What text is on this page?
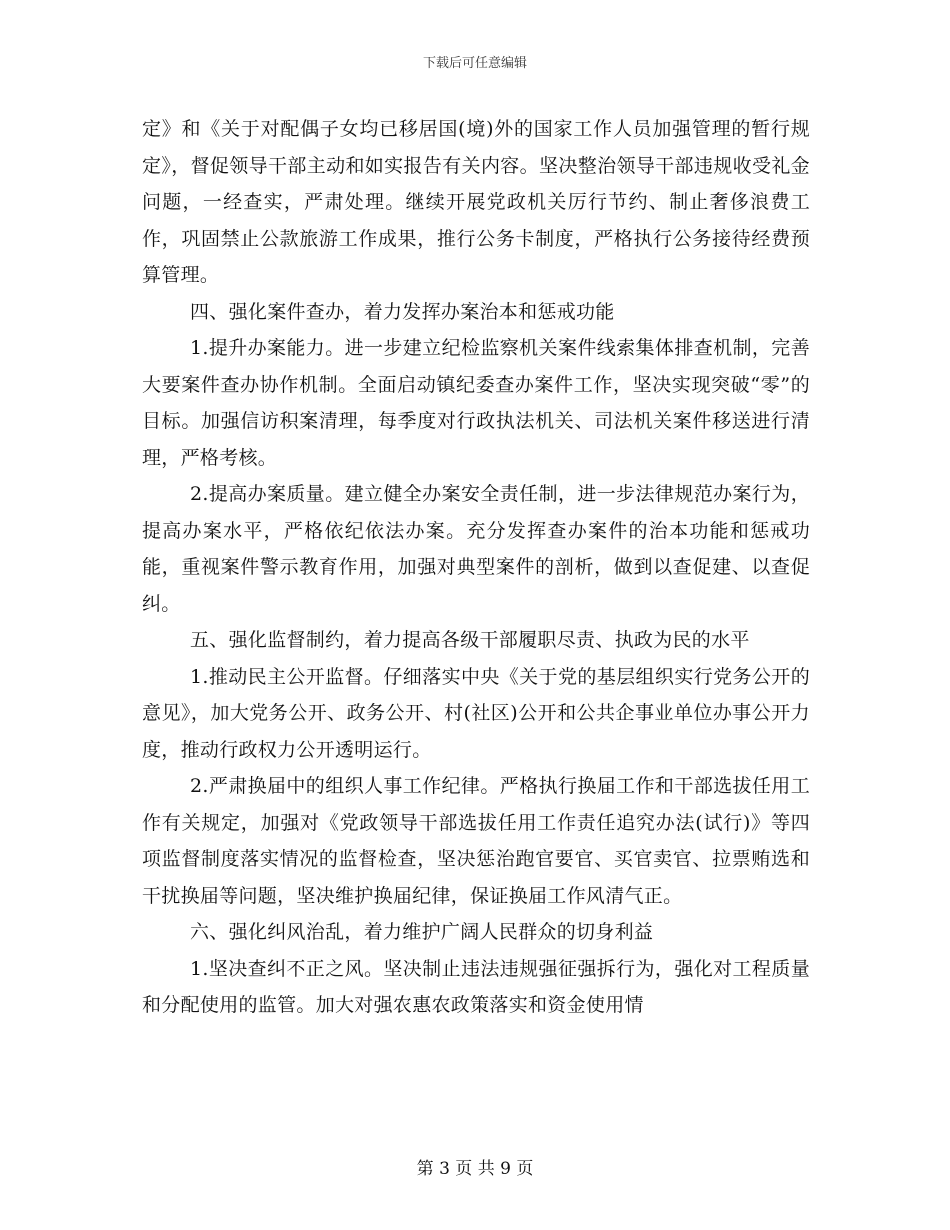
下载后可任意编辑

定》和《关于对配偶子女均已移居国(境)外的国家工作人员加强管理的暂行规定》，督促领导干部主动和如实报告有关内容。坚决整治领导干部违规收受礼金问题，一经查实，严肃处理。继续开展党政机关厉行节约、制止奢侈浪费工作，巩固禁止公款旅游工作成果，推行公务卡制度，严格执行公务接待经费预算管理。

四、强化案件查办，着力发挥办案治本和惩戒功能

1.提升办案能力。进一步建立纪检监察机关案件线索集体排查机制，完善大要案件查办协作机制。全面启动镇纪委查办案件工作，坚决实现突破“零”的目标。加强信访积案清理，每季度对行政执法机关、司法机关案件移送进行清理，严格考核。

2.提高办案质量。建立健全办案安全责任制，进一步法律规范办案行为，提高办案水平，严格依纪依法办案。充分发挥查办案件的治本功能和惩戒功能，重视案件警示教育作用，加强对典型案件的剖析，做到以查促建、以查促纠。

五、强化监督制约，着力提高各级干部履职尽责、执政为民的水平

1.推动民主公开监督。仔细落实中央《关于党的基层组织实行党务公开的意见》，加大党务公开、政务公开、村(社区)公开和公共企事业单位办事公开力度，推动行政权力公开透明运行。

2.严肃换届中的组织人事工作纪律。严格执行换届工作和干部选拔任用工作有关规定，加强对《党政领导干部选拔任用工作责任追究办法(试行)》等四项监督制度落实情况的监督检查，坚决惩治跑官要官、买官卖官、拉票贿选和干扰换届等问题，坚决维护换届纪律，保证换届工作风清气正。

六、强化纠风治乱，着力维护广阔人民群众的切身利益

1.坚决查纠不正之风。坚决制止违法违规强征强拆行为，强化对工程质量和分配使用的监管。加大对强农惠农政策落实和资金使用情

第 3 页 共 9 页
